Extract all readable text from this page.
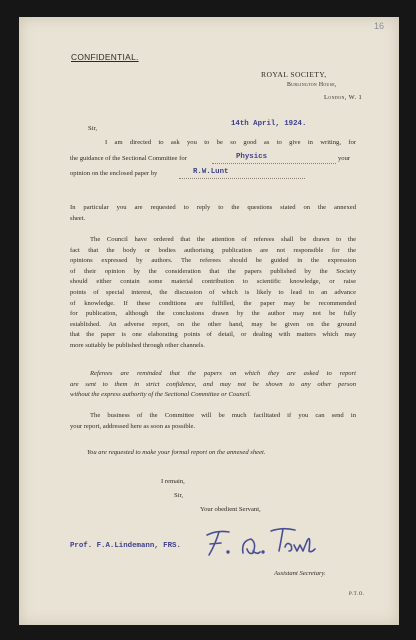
16
CONFIDENTIAL.
ROYAL SOCIETY,
Burlington House,
London, W. 1
14th April, 1924.
Sir,
I am directed to ask you to be so good as to give in writing, for
the guidance of the Sectional Committee for	Physics	your
opinion on the enclosed paper by	R.W.Lunt
In particular you are requested to reply to the questions stated on the annexed
sheet.
The Council have ordered that the attention of referees shall be drawn to the
fact that the body or bodies authorising publication are not responsible for the
opinions expressed by authors. The referees should be guided in the expression
of their opinion by the consideration that the papers published by the Society
should either contain some material contribution to scientific knowledge, or raise
points of special interest, the discussion of which is likely to lead to an advance
of knowledge. If these conditions are fulfilled, the paper may be recommended
for publication, although the conclusions drawn by the author may not be fully
established. An adverse report, on the other hand, may be given on the ground
that the paper is one elaborating points of detail, or dealing with matters which may
more suitably be published through other channels.
Referees are reminded that the papers on which they are asked to report
are sent to them in strict confidence, and may not be shown to any other person
without the express authority of the Sectional Committee or Council.
The business of the Committee will be much facilitated if you can send in
your report, addressed here as soon as possible.
You are requested to make your formal report on the annexed sheet.
I remain,
Sir,
Your obedient Servant,
Prof. F.A.Lindemann, FRS.
Assistant Secretary.
P.T.O.
